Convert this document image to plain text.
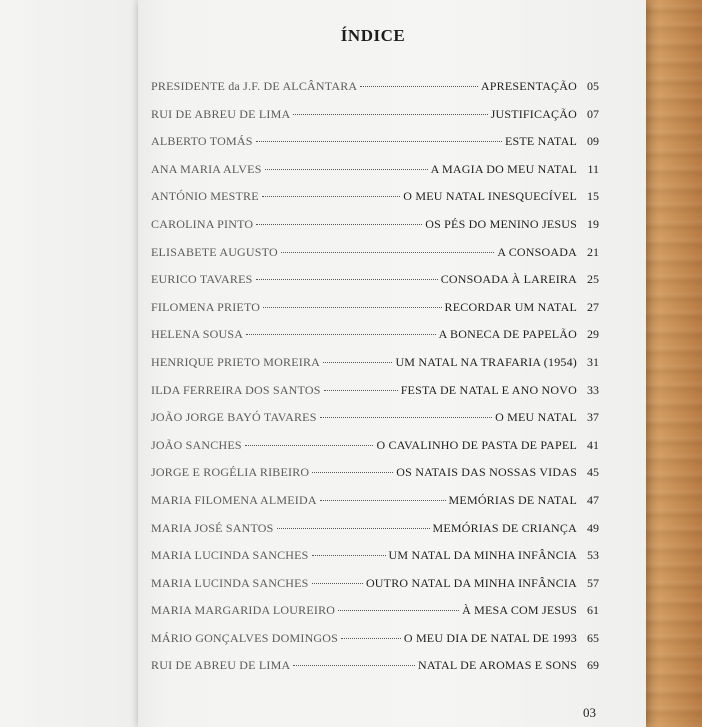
ÍNDICE
PRESIDENTE da J.F. DE ALCÂNTARA	APRESENTAÇÃO 05
RUI DE ABREU DE LIMA	JUSTIFICAÇÃO 07
ALBERTO TOMÁS	ESTE NATAL 09
ANA MARIA ALVES	A MAGIA DO MEU NATAL 11
ANTÓNIO MESTRE	O MEU NATAL INESQUECÍVEL 15
CAROLINA PINTO	OS PÉS DO MENINO JESUS 19
ELISABETE AUGUSTO	A CONSOADA 21
EURICO TAVARES	CONSOADA À LAREIRA 25
FILOMENA PRIETO	RECORDAR UM NATAL 27
HELENA SOUSA	A BONECA DE PAPELÃO 29
HENRIQUE PRIETO MOREIRA	UM NATAL NA TRAFARIA (1954) 31
ILDA FERREIRA DOS SANTOS	FESTA DE NATAL E ANO NOVO 33
JOÃO JORGE BAYÓ TAVARES	O MEU NATAL 37
JOÃO SANCHES	O CAVALINHO DE PASTA DE PAPEL 41
JORGE E ROGÉLIA RIBEIRO	OS NATAIS DAS NOSSAS VIDAS 45
MARIA FILOMENA ALMEIDA	MEMÓRIAS DE NATAL 47
MARIA JOSÉ SANTOS	MEMÓRIAS DE CRIANÇA 49
MARIA LUCINDA SANCHES	UM NATAL DA MINHA INFÂNCIA 53
MARIA LUCINDA SANCHES	OUTRO NATAL DA MINHA INFÂNCIA 57
MARIA MARGARIDA LOUREIRO	À MESA COM JESUS 61
MÁRIO GONÇALVES DOMINGOS	O MEU DIA DE NATAL DE 1993 65
RUI DE ABREU DE LIMA	NATAL DE AROMAS E SONS 69
03
